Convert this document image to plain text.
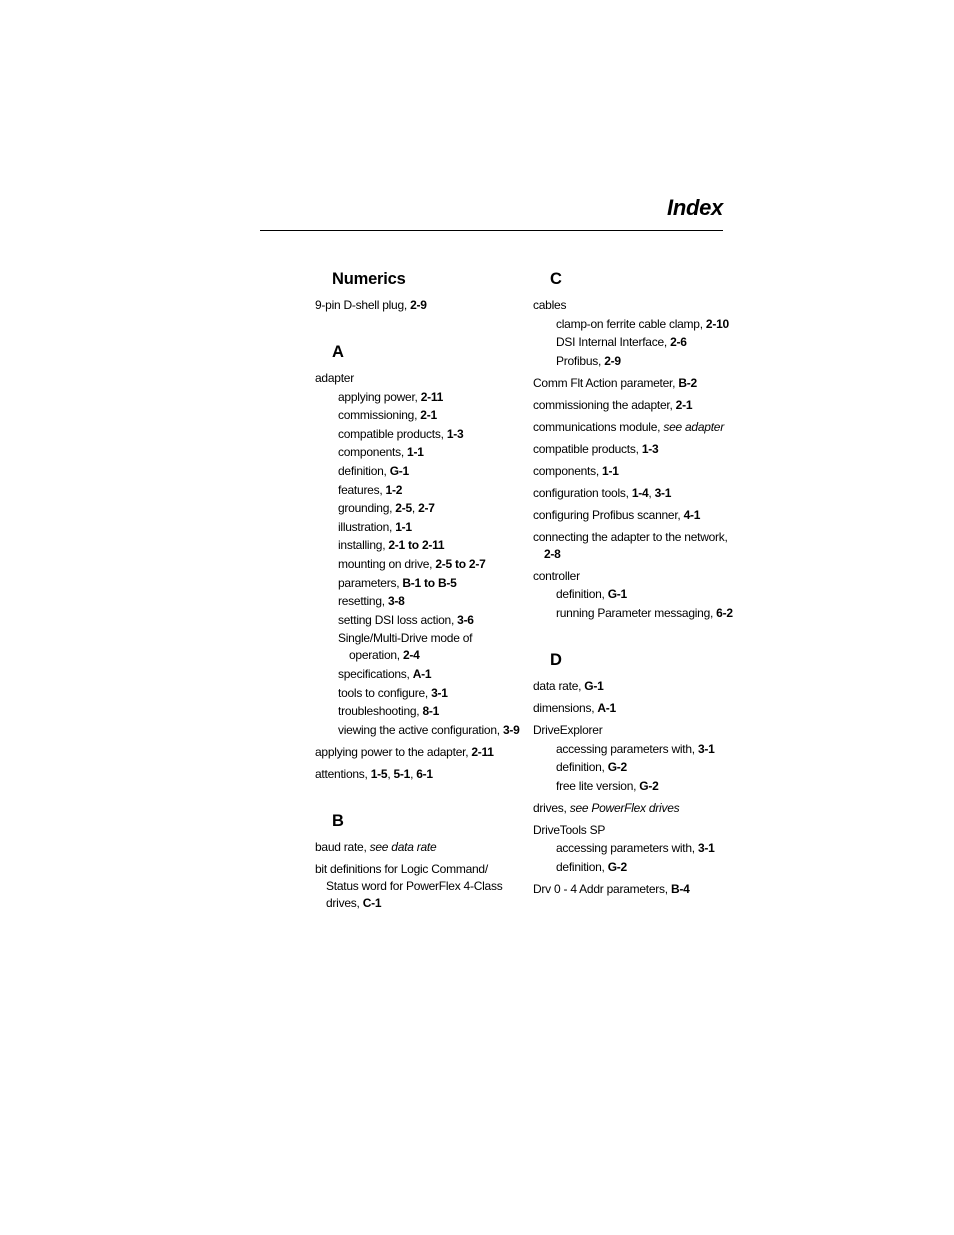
Index
Numerics
9-pin D-shell plug, 2-9
A
adapter
applying power, 2-11
commissioning, 2-1
compatible products, 1-3
components, 1-1
definition, G-1
features, 1-2
grounding, 2-5, 2-7
illustration, 1-1
installing, 2-1 to 2-11
mounting on drive, 2-5 to 2-7
parameters, B-1 to B-5
resetting, 3-8
setting DSI loss action, 3-6
Single/Multi-Drive mode of operation, 2-4
specifications, A-1
tools to configure, 3-1
troubleshooting, 8-1
viewing the active configuration, 3-9
applying power to the adapter, 2-11
attentions, 1-5, 5-1, 6-1
B
baud rate, see data rate
bit definitions for Logic Command/ Status word for PowerFlex 4-Class drives, C-1
C
cables
clamp-on ferrite cable clamp, 2-10
DSI Internal Interface, 2-6
Profibus, 2-9
Comm Flt Action parameter, B-2
commissioning the adapter, 2-1
communications module, see adapter
compatible products, 1-3
components, 1-1
configuration tools, 1-4, 3-1
configuring Profibus scanner, 4-1
connecting the adapter to the network, 2-8
controller
definition, G-1
running Parameter messaging, 6-2
D
data rate, G-1
dimensions, A-1
DriveExplorer
accessing parameters with, 3-1
definition, G-2
free lite version, G-2
drives, see PowerFlex drives
DriveTools SP
accessing parameters with, 3-1
definition, G-2
Drv 0 - 4 Addr parameters, B-4
